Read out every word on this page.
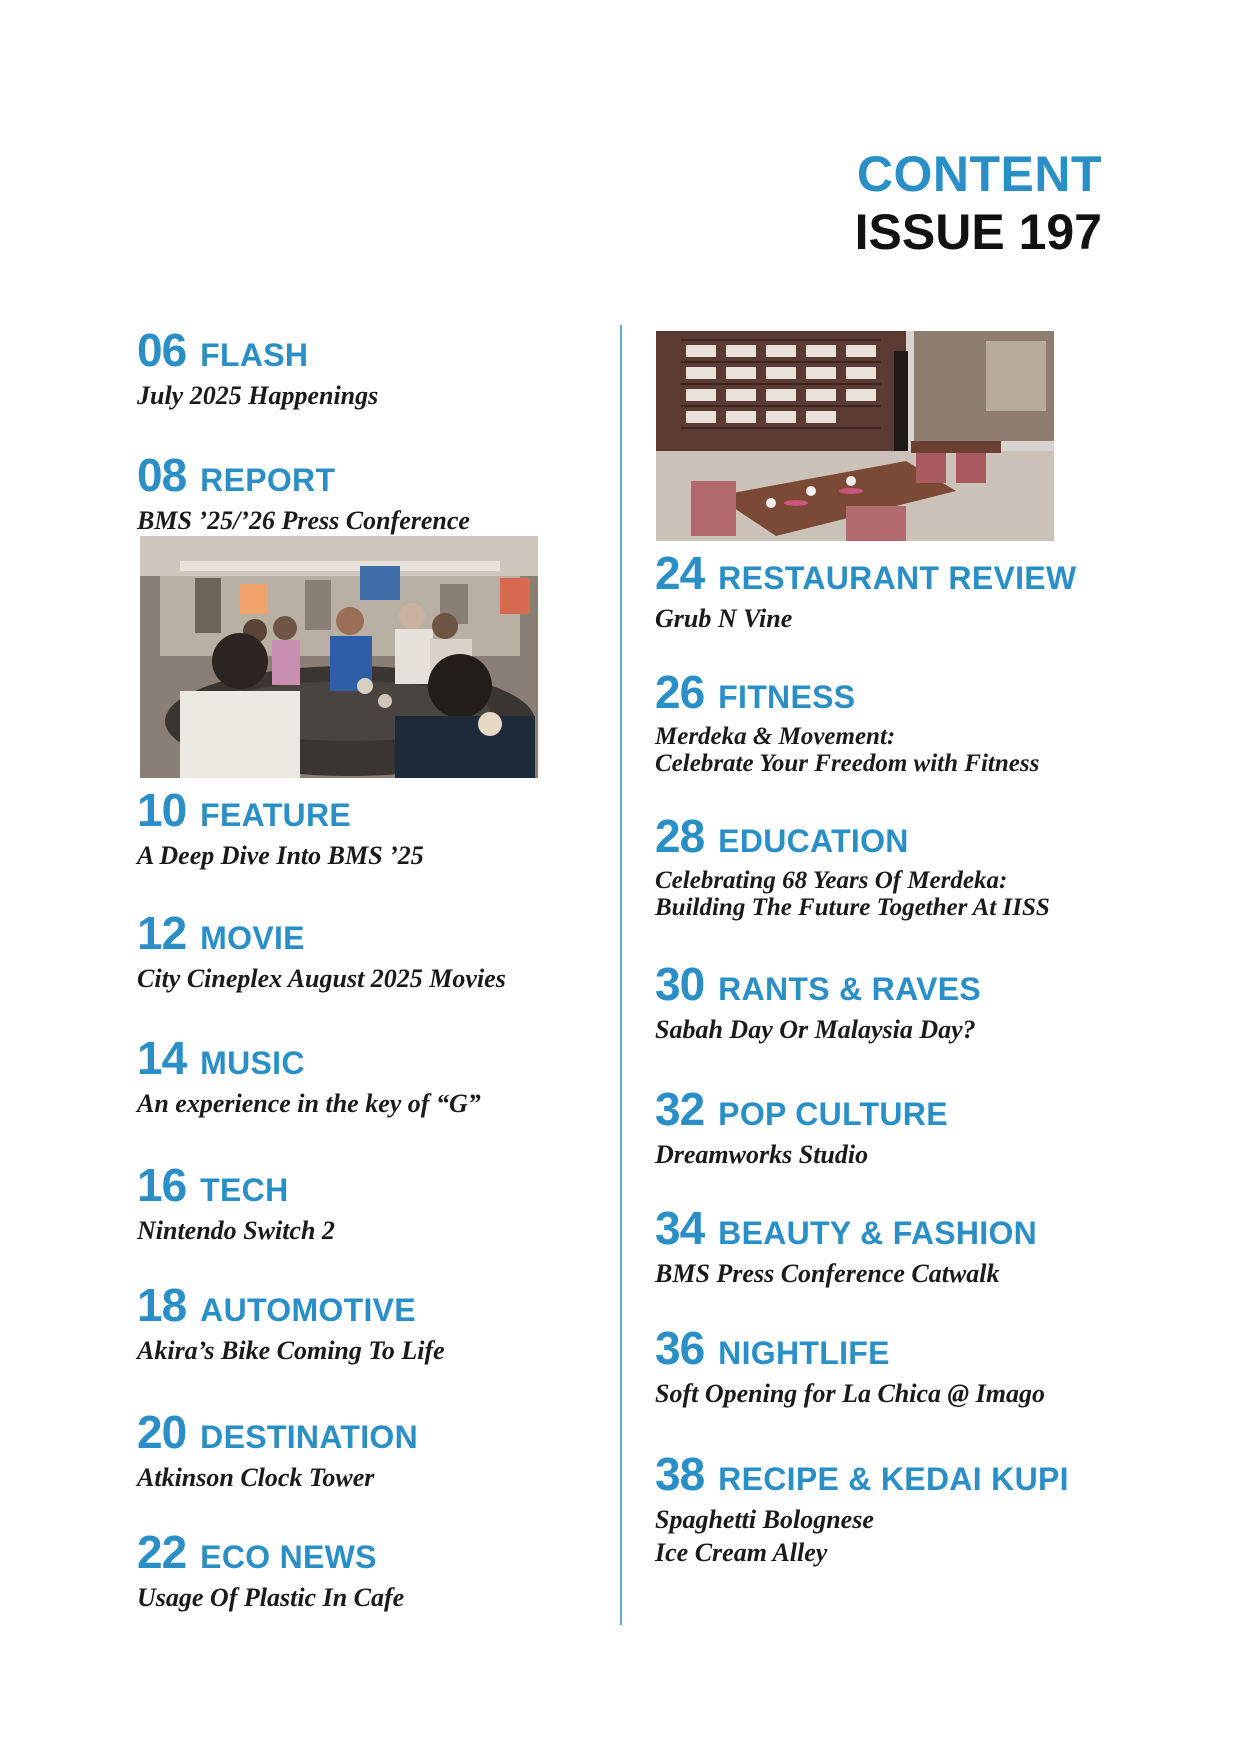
CONTENT
ISSUE 197
06 FLASH
July 2025 Happenings
08 REPORT
BMS ’25/’26 Press Conference
10 FEATURE
A Deep Dive Into BMS ’25
12 MOVIE
City Cineplex August 2025 Movies
14 MUSIC
An experience in the key of “G”
16 TECH
Nintendo Switch 2
18 AUTOMOTIVE
Akira’s Bike Coming To Life
20 DESTINATION
Atkinson Clock Tower
22 ECO NEWS
Usage Of Plastic In Cafe
24 RESTAURANT REVIEW
Grub N Vine
26 FITNESS
Merdeka & Movement:
Celebrate Your Freedom with Fitness
28 EDUCATION
Celebrating 68 Years Of Merdeka:
Building The Future Together At IISS
30 RANTS & RAVES
Sabah Day Or Malaysia Day?
32 POP CULTURE
Dreamworks Studio
34 BEAUTY & FASHION
BMS Press Conference Catwalk
36 NIGHTLIFE
Soft Opening for La Chica @ Imago
38 RECIPE & KEDAI KUPI
Spaghetti Bolognese
Ice Cream Alley
